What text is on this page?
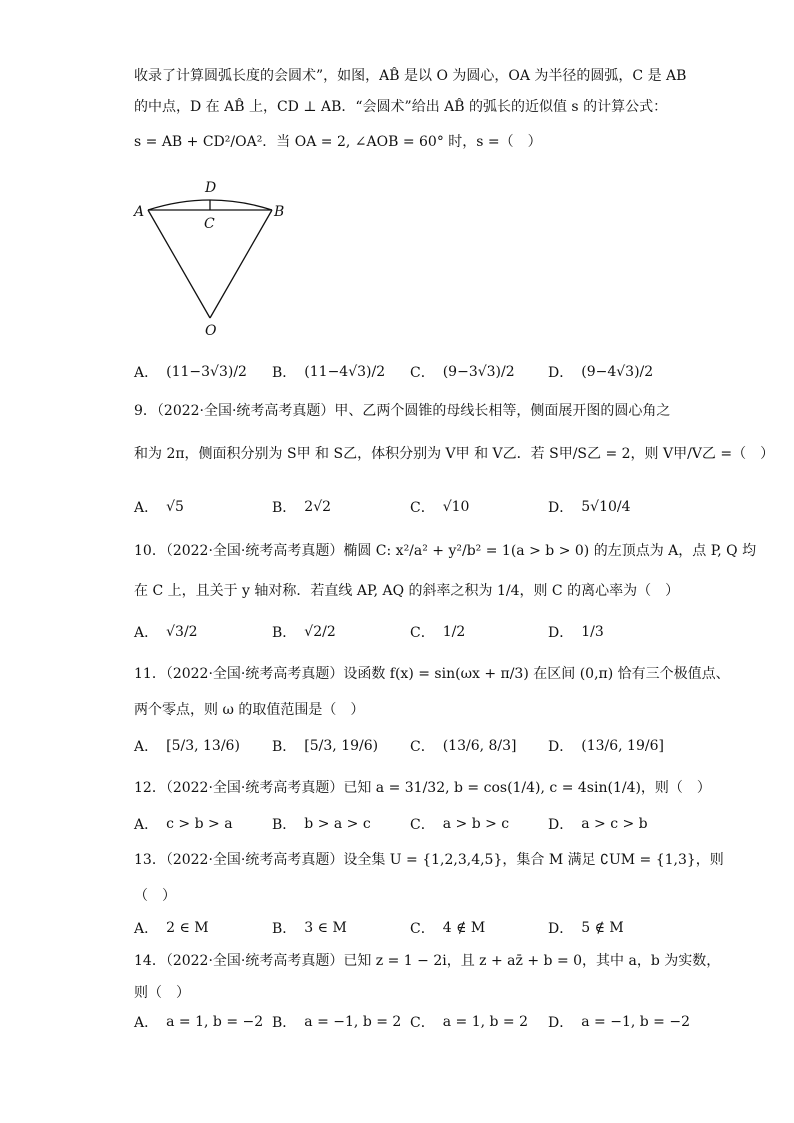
收录了计算圆弧长度的会圆术”，如图，AB̂ 是以 O 为圆心，OA 为半径的圆弧，C 是 AB
的中点，D 在 AB̂ 上，CD ⊥ AB．“会圆术”给出 AB̂ 的弧长的近似值 s 的计算公式：
s = AB + CD²/OA²．当 OA = 2, ∠AOB = 60° 时，s =（　）
A	B
C
D
O
A． (11−3√3)/2 B． (11−4√3)/2 C． (9−3√3)/2 D． (9−4√3)/2
9．（2022·全国·统考高考真题）甲、乙两个圆锥的母线长相等，侧面展开图的圆心角之
和为 2π，侧面积分别为 S甲 和 S乙，体积分别为 V甲 和 V乙．若 S甲/S乙 = 2，则 V甲/V乙 =（　）
A． √5	B． 2√2	C． √10	D． 5√10/4
10．（2022·全国·统考高考真题）椭圆 C: x²/a² + y²/b² = 1(a > b > 0) 的左顶点为 A，点 P, Q 均
在 C 上，且关于 y 轴对称．若直线 AP, AQ 的斜率之积为 1/4，则 C 的离心率为（　）
A． √3/2	B． √2/2	C． 1/2	D． 1/3
11．（2022·全国·统考高考真题）设函数 f(x) = sin(ωx + π/3) 在区间 (0,π) 恰有三个极值点、
两个零点，则 ω 的取值范围是（　）
A． [5/3, 13/6) B． [5/3, 19/6) C． (13/6, 8/3] D． (13/6, 19/6]
12．（2022·全国·统考高考真题）已知 a = 31/32, b = cos(1/4), c = 4sin(1/4)，则（　）
A． c > b > a	B． b > a > c	C． a > b > c	D． a > c > b
13．（2022·全国·统考高考真题）设全集 U = {1,2,3,4,5}，集合 M 满足 ∁UM = {1,3}，则
（　）
A． 2 ∈ M	B． 3 ∈ M	C． 4 ∉ M	D． 5 ∉ M
14．（2022·全国·统考高考真题）已知 z = 1 − 2i，且 z + az̄ + b = 0，其中 a，b 为实数，
则（　）
A． a = 1, b = −2 B． a = −1, b = 2 C． a = 1, b = 2 D． a = −1, b = −2
